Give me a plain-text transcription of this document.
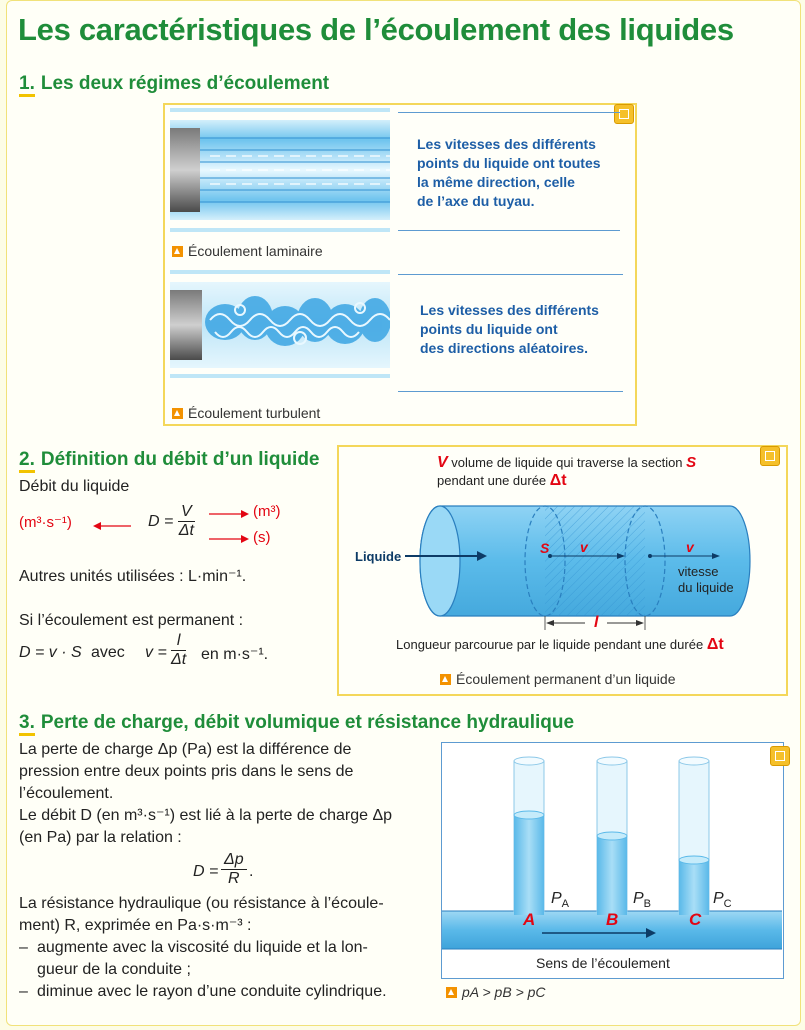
Les caractéristiques de l’écoulement des liquides
1. Les deux régimes d’écoulement
Les vitesses des différents
points du liquide ont toutes
la même direction, celle
de l’axe du tuyau.
Écoulement laminaire
Les vitesses des différents
points du liquide ont
des directions aléatoires.
Écoulement turbulent
2. Définition du débit d’un liquide
Débit du liquide
(m³·s⁻¹)	$D = \frac{V}{\Delta t}$	(m³)
(s)
Autres unités utilisées : L·min⁻¹.
Si l’écoulement est permanent :
D = v · S avec $v = \frac{l}{\Delta t}$ en m·s⁻¹.
V volume de liquide qui traverse la section S
pendant une durée Δt
Liquide
S v	v
vitesse
du liquide
l
Longueur parcourue par le liquide pendant une durée Δt
Écoulement permanent d’un liquide
3. Perte de charge, débit volumique et résistance hydraulique
La perte de charge Δp (Pa) est la différence de
pression entre deux points pris dans le sens de
l’écoulement.
Le débit D (en m³·s⁻¹) est lié à la perte de charge Δp
(en Pa) par la relation :
$D = \frac{\Delta p}{R}$ .
La résistance hydraulique (ou résistance à l’écoule-
ment) R, exprimée en Pa·s·m⁻³ :
– augmente avec la viscosité du liquide et la lon-
gueur de la conduite ;
– diminue avec le rayon d’une conduite cylindrique.
A	B	C
$P_A$	$P_B$	$P_C$
Sens de l’écoulement
pA > pB > pC
